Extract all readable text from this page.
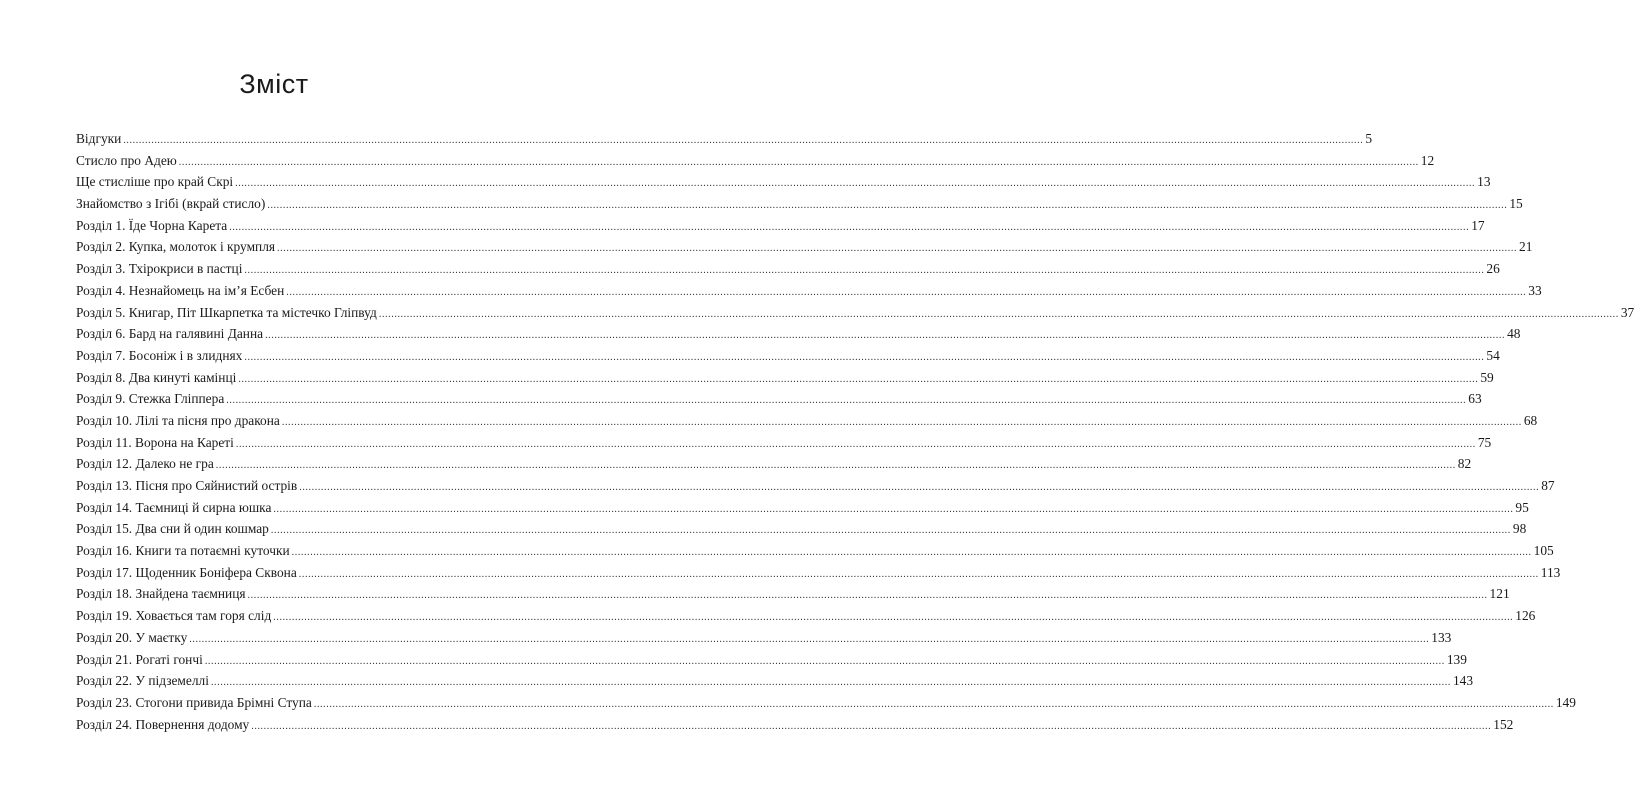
Зміст
Відгуки ................................................................................................................................................................................................................................................................................................................................................................................................................ 5
Стисло про Адею ................................................................................................................................................................................................................................................................................................................................................................................................................ 12
Ще стисліше про край Скрі ................................................................................................................................................................................................................................................................................................................................................................................................................ 13
Знайомство з Ігібі (вкрай стисло) ................................................................................................................................................................................................................................................................................................................................................................................................................ 15
Розділ 1. Їде Чорна Карета ................................................................................................................................................................................................................................................................................................................................................................................................................ 17
Розділ 2. Купка, молоток і крумпля ................................................................................................................................................................................................................................................................................................................................................................................................................ 21
Розділ 3. Тхірокриси в пастці ................................................................................................................................................................................................................................................................................................................................................................................................................ 26
Розділ 4. Незнайомець на ім’я Есбен ................................................................................................................................................................................................................................................................................................................................................................................................................ 33
Розділ 5. Книгар, Піт Шкарпетка та містечко Гліпвуд ................................................................................................................................................................................................................................................................................................................................................................................................................ 37
Розділ 6. Бард на галявині Данна ................................................................................................................................................................................................................................................................................................................................................................................................................ 48
Розділ 7. Босоніж і в злиднях ................................................................................................................................................................................................................................................................................................................................................................................................................ 54
Розділ 8. Два кинуті камінці ................................................................................................................................................................................................................................................................................................................................................................................................................ 59
Розділ 9. Стежка Гліппера ................................................................................................................................................................................................................................................................................................................................................................................................................ 63
Розділ 10. Лілі та пісня про дракона ................................................................................................................................................................................................................................................................................................................................................................................................................ 68
Розділ 11. Ворона на Кареті ................................................................................................................................................................................................................................................................................................................................................................................................................ 75
Розділ 12. Далеко не гра ................................................................................................................................................................................................................................................................................................................................................................................................................ 82
Розділ 13. Пісня про Сяйнистий острів ................................................................................................................................................................................................................................................................................................................................................................................................................ 87
Розділ 14. Таємниці й сирна юшка ................................................................................................................................................................................................................................................................................................................................................................................................................ 95
Розділ 15. Два сни й один кошмар ................................................................................................................................................................................................................................................................................................................................................................................................................ 98
Розділ 16. Книги та потаємні куточки ................................................................................................................................................................................................................................................................................................................................................................................................................ 105
Розділ 17. Щоденник Боніфера Сквона ................................................................................................................................................................................................................................................................................................................................................................................................................ 113
Розділ 18. Знайдена таємниця ................................................................................................................................................................................................................................................................................................................................................................................................................ 121
Розділ 19. Ховається там горя слід ................................................................................................................................................................................................................................................................................................................................................................................................................ 126
Розділ 20. У маєтку ................................................................................................................................................................................................................................................................................................................................................................................................................ 133
Розділ 21. Рогаті гончі ................................................................................................................................................................................................................................................................................................................................................................................................................ 139
Розділ 22. У підземеллі ................................................................................................................................................................................................................................................................................................................................................................................................................ 143
Розділ 23. Стогони привида Брімні Ступа ................................................................................................................................................................................................................................................................................................................................................................................................................ 149
Розділ 24. Повернення додому ................................................................................................................................................................................................................................................................................................................................................................................................................ 152
